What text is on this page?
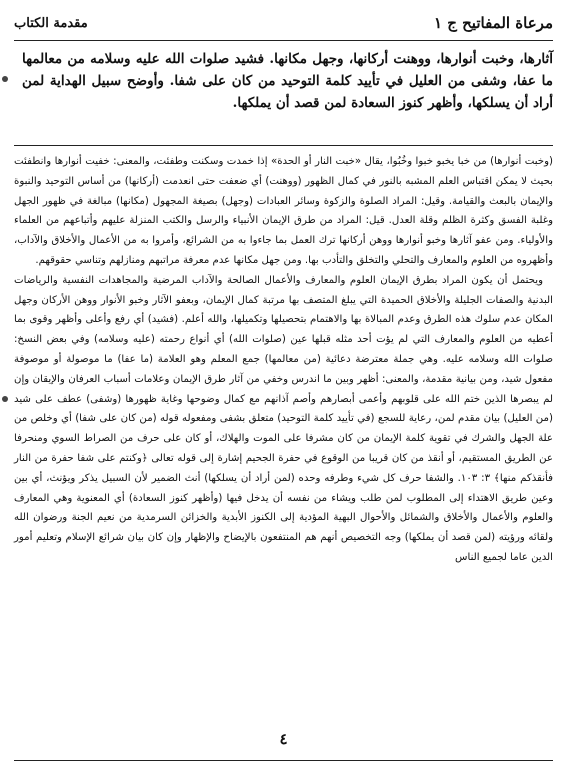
مرعاة المفاتيح ج ١
مقدمة الكتاب
آثارها، وخبت أنوارها، ووهنت أركانها، وجهل مكانها. فشيد صلوات الله عليه وسلامه من معالمها ما عفا، وشفى من العليل في تأييد كلمة التوحيد من كان على شفا. وأوضح سبيل الهداية لمن أراد أن يسلكها، وأظهر كنوز السعادة لمن قصد أن يملكها.

(وخبت أنوارها) من خبا يخبو خبوا وخُبُوا، يقال «خبت النار أو الحدة» إذا خمدت وسكنت وطفئت، والمعنى: خفيت أنوارها وانطفئت بحيث لا يمكن اقتباس العلم المشبه بالنور في كمال الظهور (ووهنت) أي ضعفت حتى انعدمت (أركانها) من أساس التوحيد والنبوة والإيمان بالبعث والقيامة. وقيل: المراد الصلوة والزكوة وسائر العبادات (وجهل) بصيغة المجهول (مكانها) مبالغة في ظهور الجهل وغلبة الفسق وكثرة الظلم وقلة العدل. قيل: المراد من طرق الإيمان الأنبياء والرسل والكتب المنزلة عليهم وأتباعهم من العلماء والأولياء. ومن عفو آثارها وخبو أنوارها ووهن أركانها ترك العمل بما جاءوا به من الشرائع، وأمروا به من الأعمال والأخلاق والآداب، وأظهروه من العلوم والمعارف والتحلي والتخلق والتأدب بها. ومن جهل مكانها عدم معرفة مراتبهم ومنازلهم وتناسي حقوقهم.

ويحتمل أن يكون المراد بطرق الإيمان العلوم والمعارف والأعمال الصالحة والآداب المرضية والمجاهدات النفسية والرياضات البدنية والصفات الجليلة والأخلاق الحميدة التي يبلغ المتصف بها مرتبة كمال الإيمان، وبعفو الآثار وخبو الأنوار ووهن الأركان وجهل المكان عدم سلوك هذه الطرق وعدم المبالاة بها والاهتمام بتحصيلها وتكميلها، والله أعلم. (فشيد) أي رفع وأعلى وأظهر وقوى بما أعطيه من العلوم والمعارف التي لم يؤت أحد مثله قبلها عين (صلوات الله) أي أنواع رحمته (عليه وسلامه) وفي بعض النسخ: صلوات الله وسلامه عليه. وهي جملة معترضة دعائية (من معالمها) جمع المعلم وهو العلامة (ما عفا) ما موصولة أو موصوفة مفعول شيد، ومن بيانية مقدمة، والمعنى: أظهر وبين ما اندرس وخفي من آثار طرق الإيمان وعلامات أسباب العرفان والإيقان وإن لم يبصرها الذين ختم الله على قلوبهم وأعمى أبصارهم وأصم آذانهم مع كمال وضوحها وغاية ظهورها (وشفى) عطف على شيد (من العليل) بيان مقدم لمن، رعاية للسجع (في تأييد كلمة التوحيد) متعلق بشفى ومفعوله قوله (من كان على شفا) أي وخلص من علة الجهل والشرك في تقوية كلمة الإيمان من كان مشرفا على الموت والهلاك، أو كان على حرف من الصراط السوي ومنحرفا عن الطريق المستقيم، أو أنقذ من كان قريبا من الوقوع في حفرة الجحيم إشارة إلى قوله تعالى ﴿وكنتم على شفا حفرة من النار فأنقذكم منها﴾ ٣: ١٠٣. والشفا حرف كل شيء وطرفه وحده (لمن أراد أن يسلكها) أنث الضمير لأن السبيل يذكر ويؤنث، أي بين وعين طريق الاهتداء إلى المطلوب لمن طلب ويشاء من نفسه أن يدخل فيها (وأظهر كنوز السعادة) أي المعنوية وهي المعارف والعلوم والأعمال والأخلاق والشمائل والأحوال البهية المؤدية إلى الكنوز الأبدية والخزائن السرمدية من نعيم الجنة ورضوان الله ولقائه ورؤيته (لمن قصد أن يملكها) وجه التخصيص أنهم هم المنتفعون بالإيضاح والإظهار وإن كان بيان شرائع الإسلام وتعليم أمور الدين عاما لجميع الناس

٤
